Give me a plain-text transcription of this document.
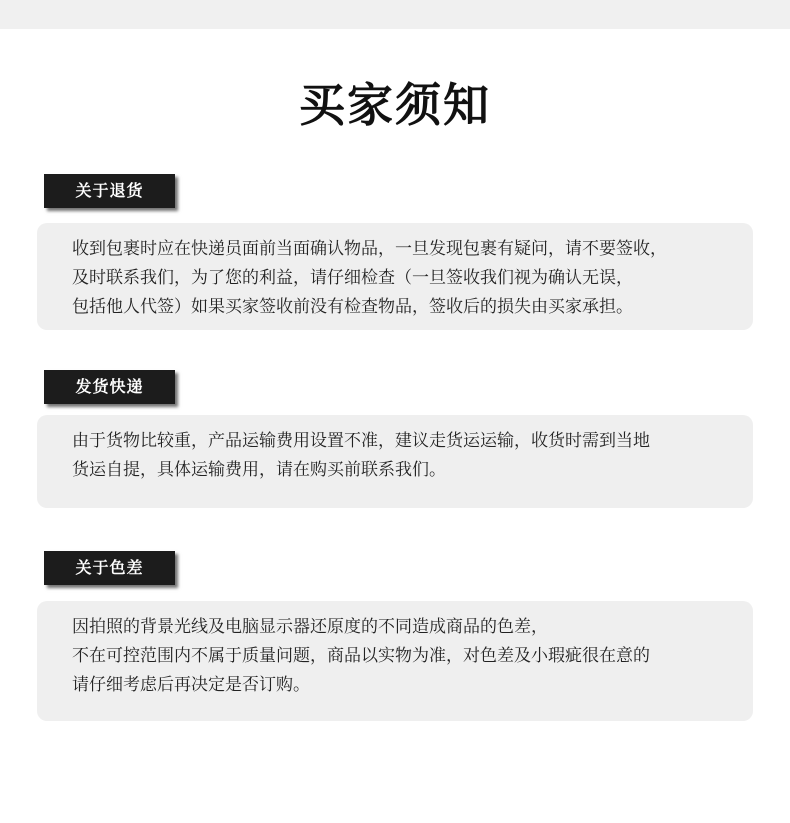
买家须知
关于退货
收到包裹时应在快递员面前当面确认物品，一旦发现包裹有疑问，请不要签收，
及时联系我们，为了您的利益，请仔细检查（一旦签收我们视为确认无误，
包括他人代签）如果买家签收前没有检查物品，签收后的损失由买家承担。
发货快递
由于货物比较重，产品运输费用设置不准，建议走货运运输，收货时需到当地
货运自提，具体运输费用，请在购买前联系我们。
关于色差
因拍照的背景光线及电脑显示器还原度的不同造成商品的色差，
不在可控范围内不属于质量问题，商品以实物为准，对色差及小瑕疵很在意的
请仔细考虑后再决定是否订购。
